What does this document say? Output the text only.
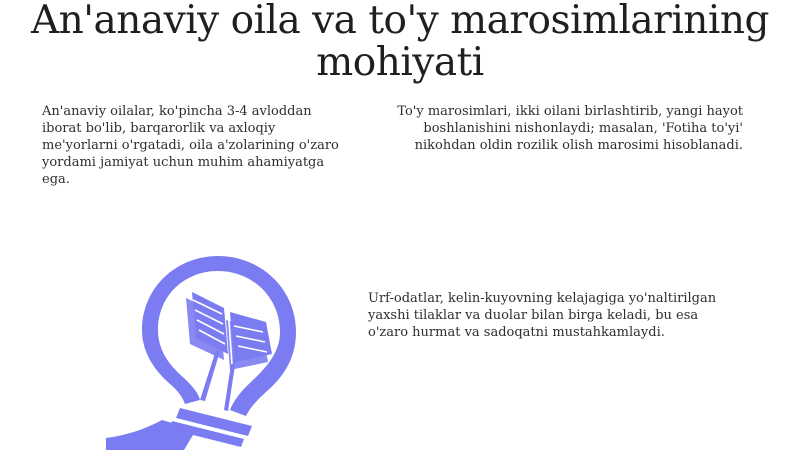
An'anaviy oila va to'y marosimlarining mohiyati

An'anaviy oilalar, ko'pincha 3-4 avloddan iborat bo'lib, barqarorlik va axloqiy me'yorlarni o'rgatadi, oila a'zolarining o'zaro yordami jamiyat uchun muhim ahamiyatga ega.

To'y marosimlari, ikki oilani birlashtirib, yangi hayot boshlanishini nishonlaydi; masalan, 'Fotiha to'yi' nikohdan oldin rozilik olish marosimi hisoblanadi.

Urf-odatlar, kelin-kuyovning kelajagiga yo'naltirilgan yaxshi tilaklar va duolar bilan birga keladi, bu esa o'zaro hurmat va sadoqatni mustahkamlaydi.
